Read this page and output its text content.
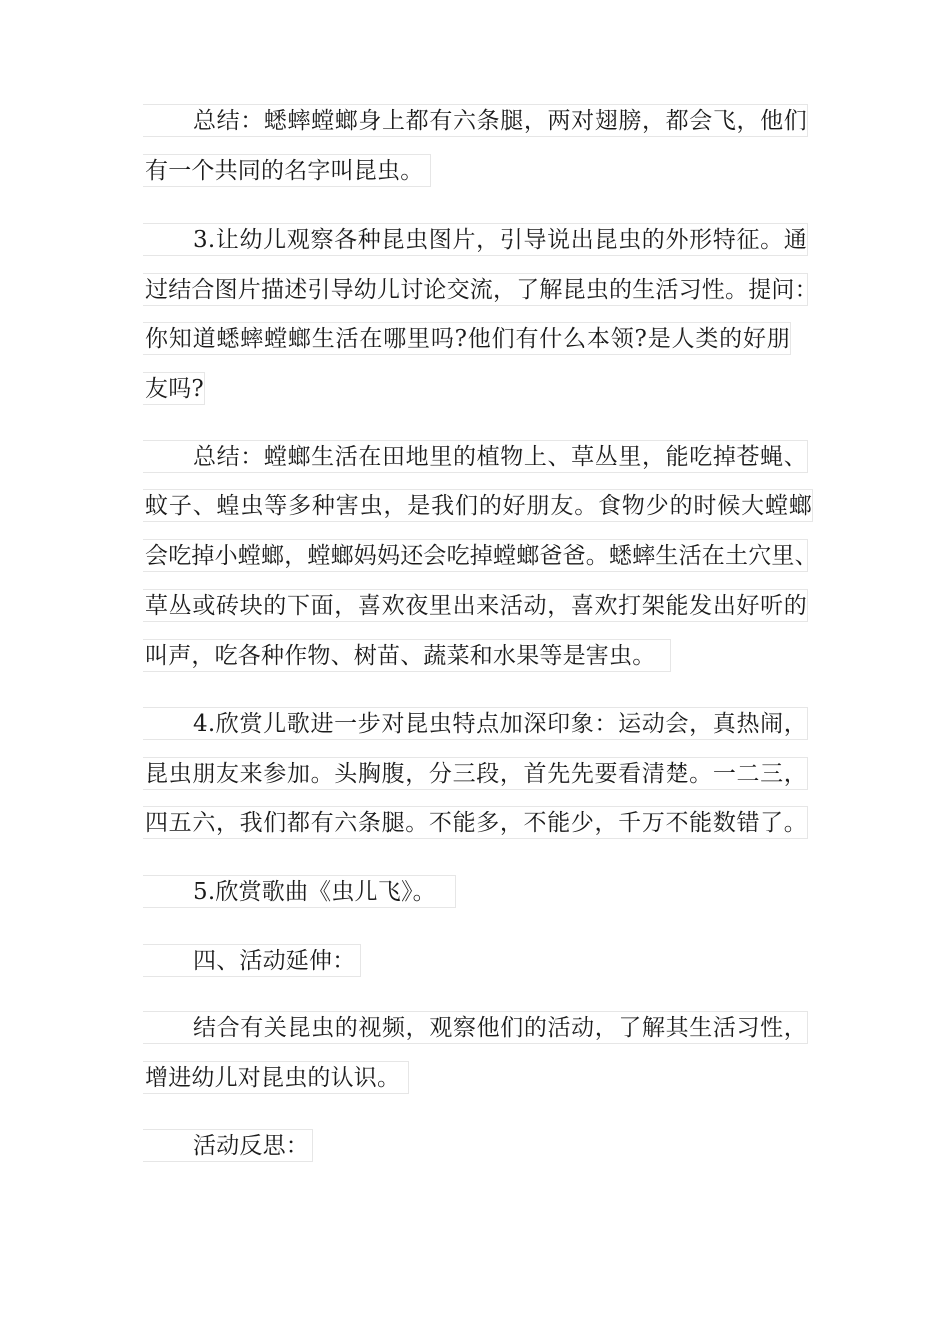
总结：蟋蟀螳螂身上都有六条腿，两对翅膀，都会飞，他们
有一个共同的名字叫昆虫。
3.让幼儿观察各种昆虫图片，引导说出昆虫的外形特征。通
过结合图片描述引导幼儿讨论交流，了解昆虫的生活习性。提问：
你知道蟋蟀螳螂生活在哪里吗?他们有什么本领?是人类的好朋
友吗?
总结：螳螂生活在田地里的植物上、草丛里，能吃掉苍蝇、
蚊子、蝗虫等多种害虫，是我们的好朋友。食物少的时候大螳螂
会吃掉小螳螂，螳螂妈妈还会吃掉螳螂爸爸。蟋蟀生活在土穴里、
草丛或砖块的下面，喜欢夜里出来活动，喜欢打架能发出好听的
叫声，吃各种作物、树苗、蔬菜和水果等是害虫。
4.欣赏儿歌进一步对昆虫特点加深印象：运动会，真热闹，
昆虫朋友来参加。头胸腹，分三段，首先先要看清楚。一二三，
四五六，我们都有六条腿。不能多，不能少，千万不能数错了。
5.欣赏歌曲《虫儿飞》。
四、活动延伸：
结合有关昆虫的视频，观察他们的活动，了解其生活习性，
增进幼儿对昆虫的认识。
活动反思：
